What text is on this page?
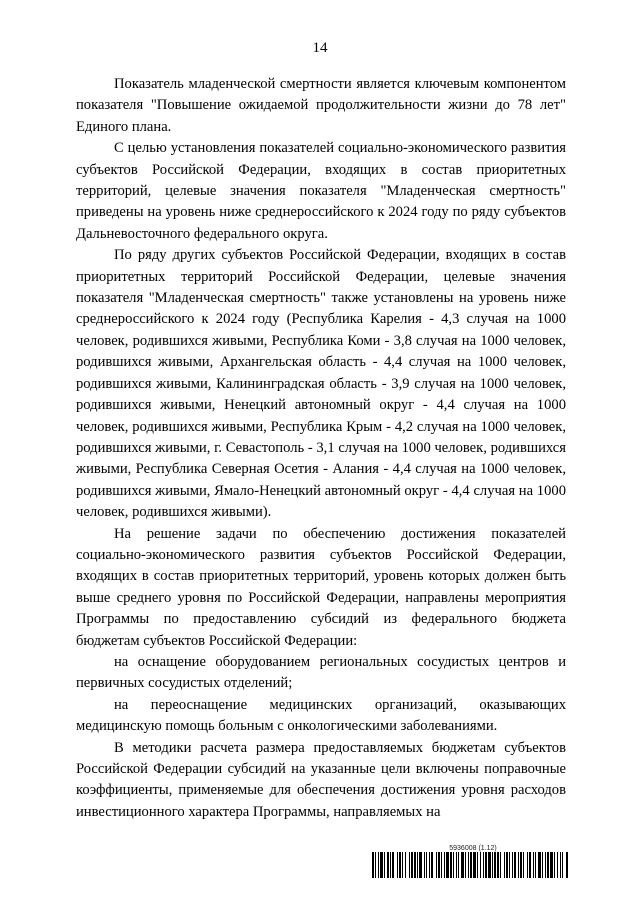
14

Показатель младенческой смертности является ключевым компонентом показателя "Повышение ожидаемой продолжительности жизни до 78 лет" Единого плана.

С целью установления показателей социально-экономического развития субъектов Российской Федерации, входящих в состав приоритетных территорий, целевые значения показателя "Младенческая смертность" приведены на уровень ниже среднероссийского к 2024 году по ряду субъектов Дальневосточного федерального округа.

По ряду других субъектов Российской Федерации, входящих в состав приоритетных территорий Российской Федерации, целевые значения показателя "Младенческая смертность" также установлены на уровень ниже среднероссийского к 2024 году (Республика Карелия - 4,3 случая на 1000 человек, родившихся живыми, Республика Коми - 3,8 случая на 1000 человек, родившихся живыми, Архангельская область - 4,4 случая на 1000 человек, родившихся живыми, Калининградская область - 3,9 случая на 1000 человек, родившихся живыми, Ненецкий автономный округ - 4,4 случая на 1000 человек, родившихся живыми, Республика Крым - 4,2 случая на 1000 человек, родившихся живыми, г. Севастополь - 3,1 случая на 1000 человек, родившихся живыми, Республика Северная Осетия - Алания - 4,4 случая на 1000 человек, родившихся живыми, Ямало-Ненецкий автономный округ - 4,4 случая на 1000 человек, родившихся живыми).

На решение задачи по обеспечению достижения показателей социально-экономического развития субъектов Российской Федерации, входящих в состав приоритетных территорий, уровень которых должен быть выше среднего уровня по Российской Федерации, направлены мероприятия Программы по предоставлению субсидий из федерального бюджета бюджетам субъектов Российской Федерации:

на оснащение оборудованием региональных сосудистых центров и первичных сосудистых отделений;

на переоснащение медицинских организаций, оказывающих медицинскую помощь больным с онкологическими заболеваниями.

В методики расчета размера предоставляемых бюджетам субъектов Российской Федерации субсидий на указанные цели включены поправочные коэффициенты, применяемые для обеспечения достижения уровня расходов инвестиционного характера Программы, направляемых на

5936008 (1.12)
